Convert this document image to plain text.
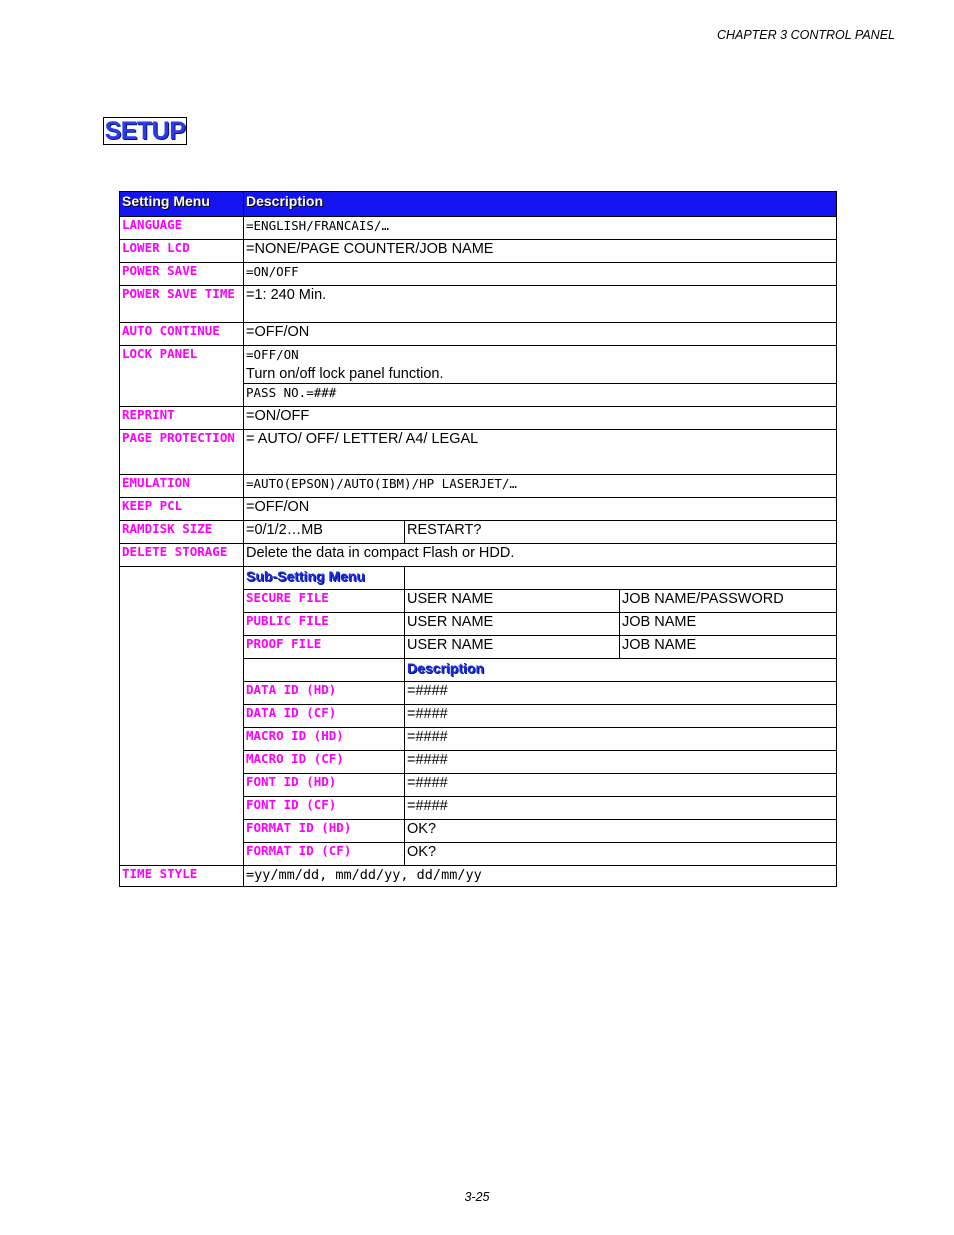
CHAPTER 3 CONTROL PANEL
SETUP
Setting Menu	Description		
LANGUAGE	=ENGLISH/FRANCAIS/…		
LOWER LCD	=NONE/PAGE COUNTER/JOB NAME		
POWER SAVE	=ON/OFF		
POWER SAVE TIME	=1: 240 Min.		
AUTO CONTINUE	=OFF/ON		
LOCK PANEL	=OFF/ON
Turn on/off lock panel function.		

	PASS NO.=###		
REPRINT	=ON/OFF		
PAGE PROTECTION	= AUTO/ OFF/ LETTER/ A4/ LEGAL		
EMULATION	=AUTO(EPSON)/AUTO(IBM)/HP LASERJET/…		
KEEP PCL	=OFF/ON		
RAMDISK SIZE	=0/1/2…MB	RESTART?	
DELETE STORAGE	Delete the data in compact Flash or HDD.		
	Sub-Setting Menu		
	SECURE FILE	USER NAME	JOB NAME/PASSWORD
	PUBLIC FILE	USER NAME	JOB NAME
	PROOF FILE	USER NAME	JOB NAME
		Description	
	DATA ID (HD)	=####	
	DATA ID (CF)	=####	
	MACRO ID (HD)	=####	
	MACRO ID (CF)	=####	
	FONT ID (HD)	=####	
	FONT ID (CF)	=####	
	FORMAT ID (HD)	OK?	
	FORMAT ID (CF)	OK?	
TIME STYLE	=yy/mm/dd, mm/dd/yy, dd/mm/yy		
3-25
